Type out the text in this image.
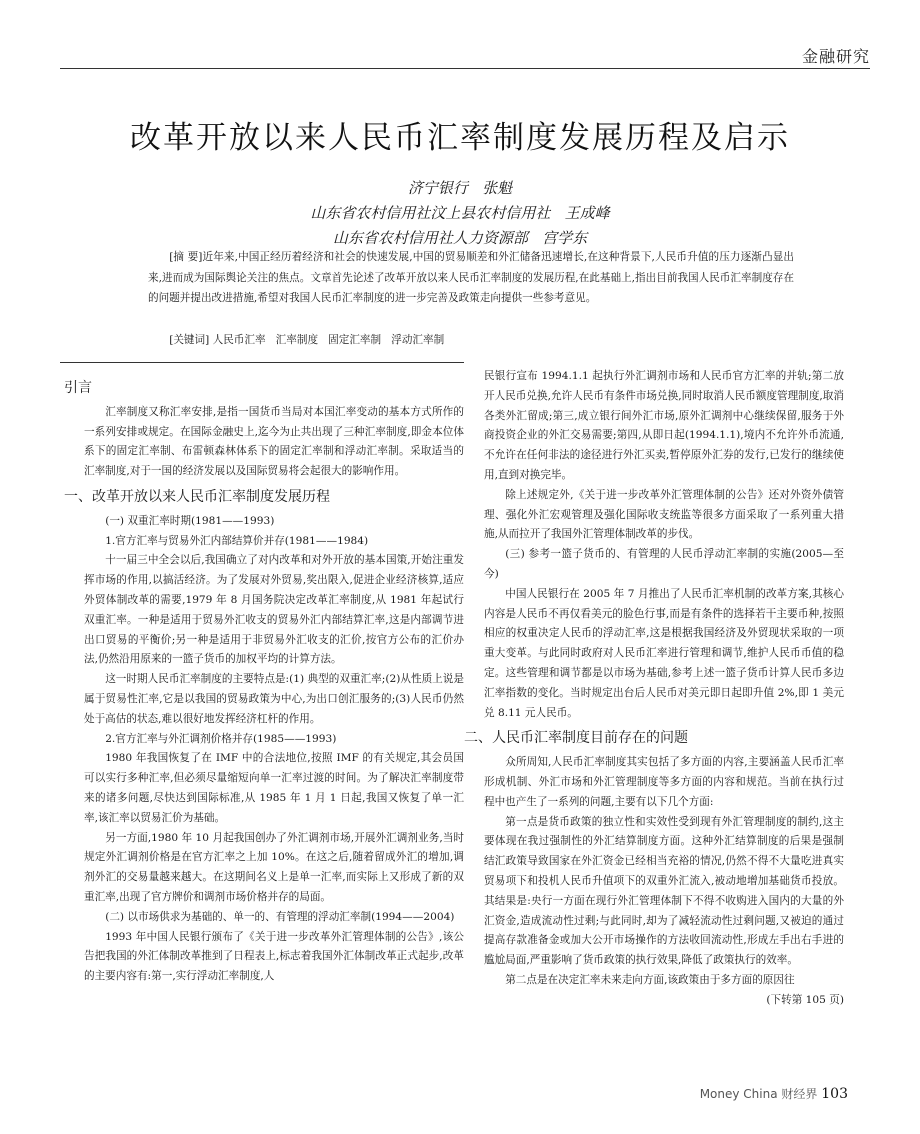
金融研究
改革开放以来人民币汇率制度发展历程及启示
济宁银行   张魁
山东省农村信用社汶上县农村信用社   王成峰
山东省农村信用社人力资源部   宫学东
[摘 要]近年来,中国正经历着经济和社会的快速发展,中国的贸易顺差和外汇储备迅速增长,在这种背景下,人民币升值的压力逐渐凸显出来,进而成为国际舆论关注的焦点。文章首先论述了改革开放以来人民币汇率制度的发展历程,在此基础上,指出目前我国人民币汇率制度存在的问题并提出改进措施,希望对我国人民币汇率制度的进一步完善及政策走向提供一些参考意见。
[关键词] 人民币汇率   汇率制度   固定汇率制   浮动汇率制
引言

汇率制度又称汇率安排,是指一国货币当局对本国汇率变动的基本方式所作的一系列安排或规定。在国际金融史上,迄今为止共出现了三种汇率制度,即金本位体系下的固定汇率制、布雷顿森林体系下的固定汇率制和浮动汇率制。采取适当的汇率制度,对于一国的经济发展以及国际贸易将会起很大的影响作用。

一、改革开放以来人民币汇率制度发展历程

(一) 双重汇率时期(1981——1993)

1.官方汇率与贸易外汇内部结算价并存(1981——1984)

十一届三中全会以后,我国确立了对内改革和对外开放的基本国策,开始注重发挥市场的作用,以搞活经济。为了发展对外贸易,奖出限入,促进企业经济核算,适应外贸体制改革的需要,1979 年 8 月国务院决定改革汇率制度,从 1981 年起试行双重汇率。一种是适用于贸易外汇收支的贸易外汇内部结算汇率,这是内部调节进出口贸易的平衡价;另一种是适用于非贸易外汇收支的汇价,按官方公布的汇价办法,仍然沿用原来的一篮子货币的加权平均的计算方法。

这一时期人民币汇率制度的主要特点是:(1) 典型的双重汇率;(2)从性质上说是属于贸易性汇率,它是以我国的贸易政策为中心,为出口创汇服务的;(3)人民币仍然处于高估的状态,难以很好地发挥经济杠杆的作用。

2.官方汇率与外汇调剂价格并存(1985——1993)

1980 年我国恢复了在 IMF 中的合法地位,按照 IMF 的有关规定,其会员国可以实行多种汇率,但必须尽量缩短向单一汇率过渡的时间。为了解决汇率制度带来的诸多问题,尽快达到国际标准,从 1985 年 1 月 1 日起,我国又恢复了单一汇率,该汇率以贸易汇价为基础。

另一方面,1980 年 10 月起我国创办了外汇调剂市场,开展外汇调剂业务,当时规定外汇调剂价格是在官方汇率之上加 10%。在这之后,随着留成外汇的增加,调剂外汇的交易量越来越大。在这期间名义上是单一汇率,而实际上又形成了新的双重汇率,出现了官方牌价和调剂市场价格并存的局面。

(二) 以市场供求为基础的、单一的、有管理的浮动汇率制(1994——2004)

1993 年中国人民银行颁布了《关于进一步改革外汇管理体制的公告》,该公告把我国的外汇体制改革推到了日程表上,标志着我国外汇体制改革正式起步,改革的主要内容有:第一,实行浮动汇率制度,人

民银行宣布 1994.1.1 起执行外汇调剂市场和人民币官方汇率的并轨;第二放开人民币兑换,允许人民币有条件市场兑换,同时取消人民币额度管理制度,取消各类外汇留成;第三,成立银行间外汇市场,原外汇调剂中心继续保留,服务于外商投资企业的外汇交易需要;第四,从即日起(1994.1.1),境内不允许外币流通,不允许在任何非法的途径进行外汇买卖,暂停原外汇券的发行,已发行的继续使用,直到对换完毕。

除上述规定外,《关于进一步改革外汇管理体制的公告》还对外资外债管理、强化外汇宏观管理及强化国际收支统监等很多方面采取了一系列重大措施,从而拉开了我国外汇管理体制改革的步伐。

(三) 参考一篮子货币的、有管理的人民币浮动汇率制的实施(2005—至今)

中国人民银行在 2005 年 7 月推出了人民币汇率机制的改革方案,其核心内容是人民币不再仅看美元的脸色行事,而是有条件的选择若干主要币种,按照相应的权重决定人民币的浮动汇率,这是根据我国经济及外贸现状采取的一项重大变革。与此同时政府对人民币汇率进行管理和调节,维护人民币币值的稳定。这些管理和调节都是以市场为基础,参考上述一篮子货币计算人民币多边汇率指数的变化。当时规定出台后人民币对美元即日起即升值 2%,即 1 美元兑 8.11 元人民币。

二、人民币汇率制度目前存在的问题

众所周知,人民币汇率制度其实包括了多方面的内容,主要涵盖人民币汇率形成机制、外汇市场和外汇管理制度等多方面的内容和规范。当前在执行过程中也产生了一系列的问题,主要有以下几个方面:

第一点是货币政策的独立性和实效性受到现有外汇管理制度的制约,这主要体现在我过强制性的外汇结算制度方面。这种外汇结算制度的后果是强制结汇政策导致国家在外汇资金已经相当充裕的情况,仍然不得不大量吃进真实贸易项下和投机人民币升值项下的双重外汇流入,被动地增加基础货币投放。其结果是:央行一方面在现行外汇管理体制下不得不收购进入国内的大量的外汇资金,造成流动性过剩;与此同时,却为了减轻流动性过剩问题,又被迫的通过提高存款准备金或加大公开市场操作的方法收回流动性,形成左手出右手进的尴尬局面,严重影响了货币政策的执行效果,降低了政策执行的效率。

第二点是在决定汇率未来走向方面,该政策由于多方面的原因往

(下转第 105 页)

Money China 财经界 103
